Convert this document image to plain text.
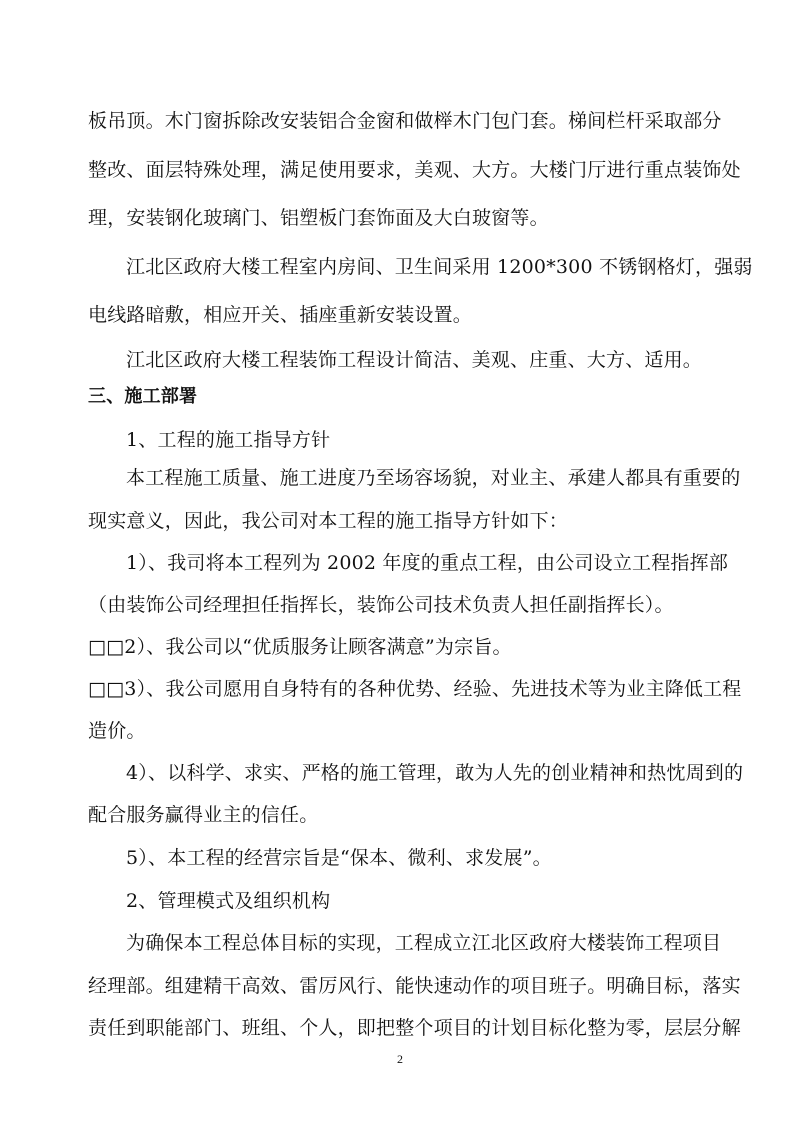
板吊顶。木门窗拆除改安装铝合金窗和做榉木门包门套。梯间栏杆采取部分
整改、面层特殊处理，满足使用要求，美观、大方。大楼门厅进行重点装饰处
理，安装钢化玻璃门、铝塑板门套饰面及大白玻窗等。
江北区政府大楼工程室内房间、卫生间采用 1200*300 不锈钢格灯，强弱
电线路暗敷，相应开关、插座重新安装设置。
江北区政府大楼工程装饰工程设计简洁、美观、庄重、大方、适用。
三、施工部署
1、工程的施工指导方针
本工程施工质量、施工进度乃至场容场貌，对业主、承建人都具有重要的
现实意义，因此，我公司对本工程的施工指导方针如下：
1）、我司将本工程列为 2002 年度的重点工程，由公司设立工程指挥部
（由装饰公司经理担任指挥长，装饰公司技术负责人担任副指挥长）。
□□2）、我公司以“优质服务让顾客满意”为宗旨。
□□3）、我公司愿用自身特有的各种优势、经验、先进技术等为业主降低工程
造价。
4）、以科学、求实、严格的施工管理，敢为人先的创业精神和热忱周到的
配合服务赢得业主的信任。
5）、本工程的经营宗旨是“保本、微利、求发展”。
2、管理模式及组织机构
为确保本工程总体目标的实现，工程成立江北区政府大楼装饰工程项目
经理部。组建精干高效、雷厉风行、能快速动作的项目班子。明确目标，落实
责任到职能部门、班组、个人，即把整个项目的计划目标化整为零，层层分解
2
